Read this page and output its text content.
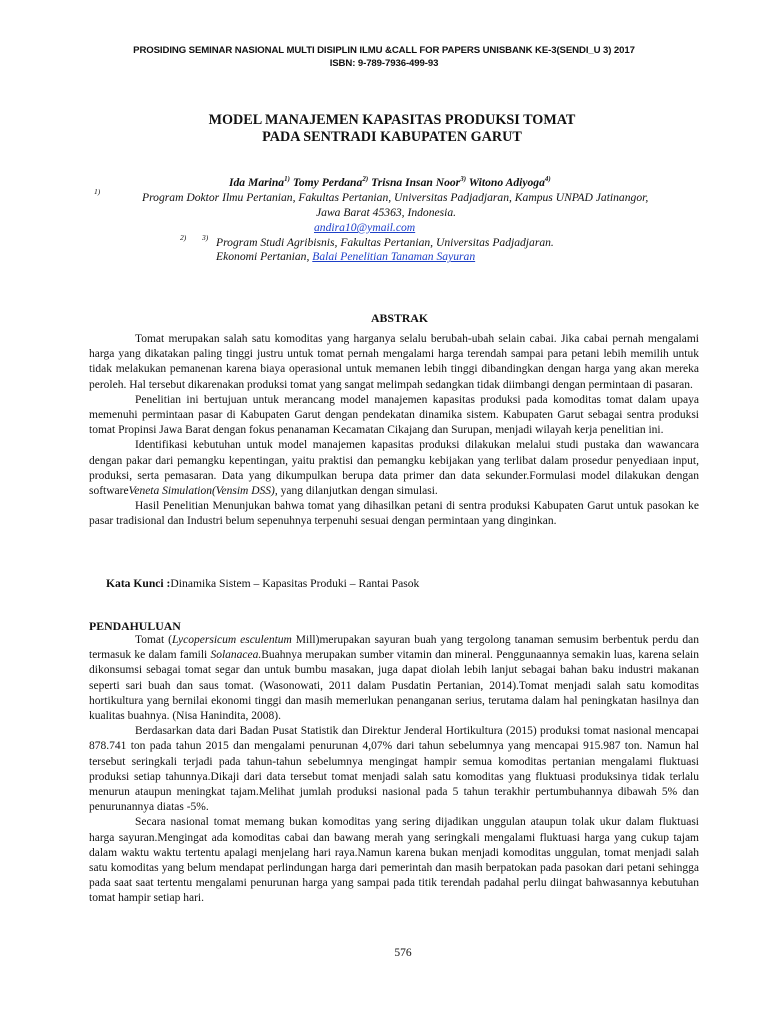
PROSIDING SEMINAR NASIONAL MULTI DISIPLIN ILMU &CALL FOR PAPERS UNISBANK KE-3(SENDI_U 3) 2017
ISBN: 9-789-7936-499-93
MODEL MANAJEMEN KAPASITAS PRODUKSI TOMAT
PADA SENTRADI KABUPATEN GARUT
Ida Marina$^{1)}$ Tomy Perdana$^{2)}$ Trisna Insan Noor$^{3)}$ Witono Adiyoga$^{4)}$
1)	Program Doktor Ilmu Pertanian, Fakultas Pertanian, Universitas Padjadjaran, Kampus UNPAD Jatinangor,
Jawa Barat 45363, Indonesia.
andira10@ymail.com
2) 3) Program Studi Agribisnis, Fakultas Pertanian, Universitas Padjadjaran.
Ekonomi Pertanian, Balai Penelitian Tanaman Sayuran
ABSTRAK

Tomat merupakan salah satu komoditas yang harganya selalu berubah-ubah selain cabai. Jika cabai pernah mengalami harga yang dikatakan paling tinggi justru untuk tomat pernah mengalami harga terendah sampai para petani lebih memilih untuk tidak melakukan pemanenan karena biaya operasional untuk memanen lebih tinggi dibandingkan dengan harga yang akan mereka peroleh. Hal tersebut dikarenakan produksi tomat yang sangat melimpah sedangkan tidak diimbangi dengan permintaan di pasaran.

Penelitian ini bertujuan untuk merancang model manajemen kapasitas produksi pada komoditas tomat dalam upaya memenuhi permintaan pasar di Kabupaten Garut dengan pendekatan dinamika sistem. Kabupaten Garut sebagai sentra produksi tomat Propinsi Jawa Barat dengan fokus penanaman Kecamatan Cikajang dan Surupan, menjadi wilayah kerja penelitian ini.

Identifikasi kebutuhan untuk model manajemen kapasitas produksi dilakukan melalui studi pustaka dan wawancara dengan pakar dari pemangku kepentingan, yaitu praktisi dan pemangku kebijakan yang terlibat dalam prosedur penyediaan input, produksi, serta pemasaran. Data yang dikumpulkan berupa data primer dan data sekunder.Formulasi model dilakukan dengan softwareVeneta Simulation(Vensim DSS), yang dilanjutkan dengan simulasi.

Hasil Penelitian Menunjukan bahwa tomat yang dihasilkan petani di sentra produksi Kabupaten Garut untuk pasokan ke pasar tradisional dan Industri belum sepenuhnya terpenuhi sesuai dengan permintaan yang dinginkan.

Kata Kunci :Dinamika Sistem – Kapasitas Produki – Rantai Pasok
PENDAHULUAN

Tomat (Lycopersicum esculentum Mill)merupakan sayuran buah yang tergolong tanaman semusim berbentuk perdu dan termasuk ke dalam famili Solanacea.Buahnya merupakan sumber vitamin dan mineral. Penggunaannya semakin luas, karena selain dikonsumsi sebagai tomat segar dan untuk bumbu masakan, juga dapat diolah lebih lanjut sebagai bahan baku industri makanan seperti sari buah dan saus tomat. (Wasonowati, 2011 dalam Pusdatin Pertanian, 2014).Tomat menjadi salah satu komoditas hortikultura yang bernilai ekonomi tinggi dan masih memerlukan penanganan serius, terutama dalam hal peningkatan hasilnya dan kualitas buahnya. (Nisa Hanindita, 2008).

Berdasarkan data dari Badan Pusat Statistik dan Direktur Jenderal Hortikultura (2015) produksi tomat nasional mencapai 878.741 ton pada tahun 2015 dan mengalami penurunan 4,07% dari tahun sebelumnya yang mencapai 915.987 ton. Namun hal tersebut seringkali terjadi pada tahun-tahun sebelumnya mengingat hampir semua komoditas pertanian mengalami fluktuasi produksi setiap tahunnya.Dikaji dari data tersebut tomat menjadi salah satu komoditas yang fluktuasi produksinya tidak terlalu menurun ataupun meningkat tajam.Melihat jumlah produksi nasional pada 5 tahun terakhir pertumbuhannya dibawah 5% dan penurunannya diatas -5%.

Secara nasional tomat memang bukan komoditas yang sering dijadikan unggulan ataupun tolak ukur dalam fluktuasi harga sayuran.Mengingat ada komoditas cabai dan bawang merah yang seringkali mengalami fluktuasi harga yang cukup tajam dalam waktu waktu tertentu apalagi menjelang hari raya.Namun karena bukan menjadi komoditas unggulan, tomat menjadi salah satu komoditas yang belum mendapat perlindungan harga dari pemerintah dan masih berpatokan pada pasokan dari petani sehingga pada saat saat tertentu mengalami penurunan harga yang sampai pada titik terendah padahal perlu diingat bahwasannya kebutuhan tomat hampir setiap hari.

576
